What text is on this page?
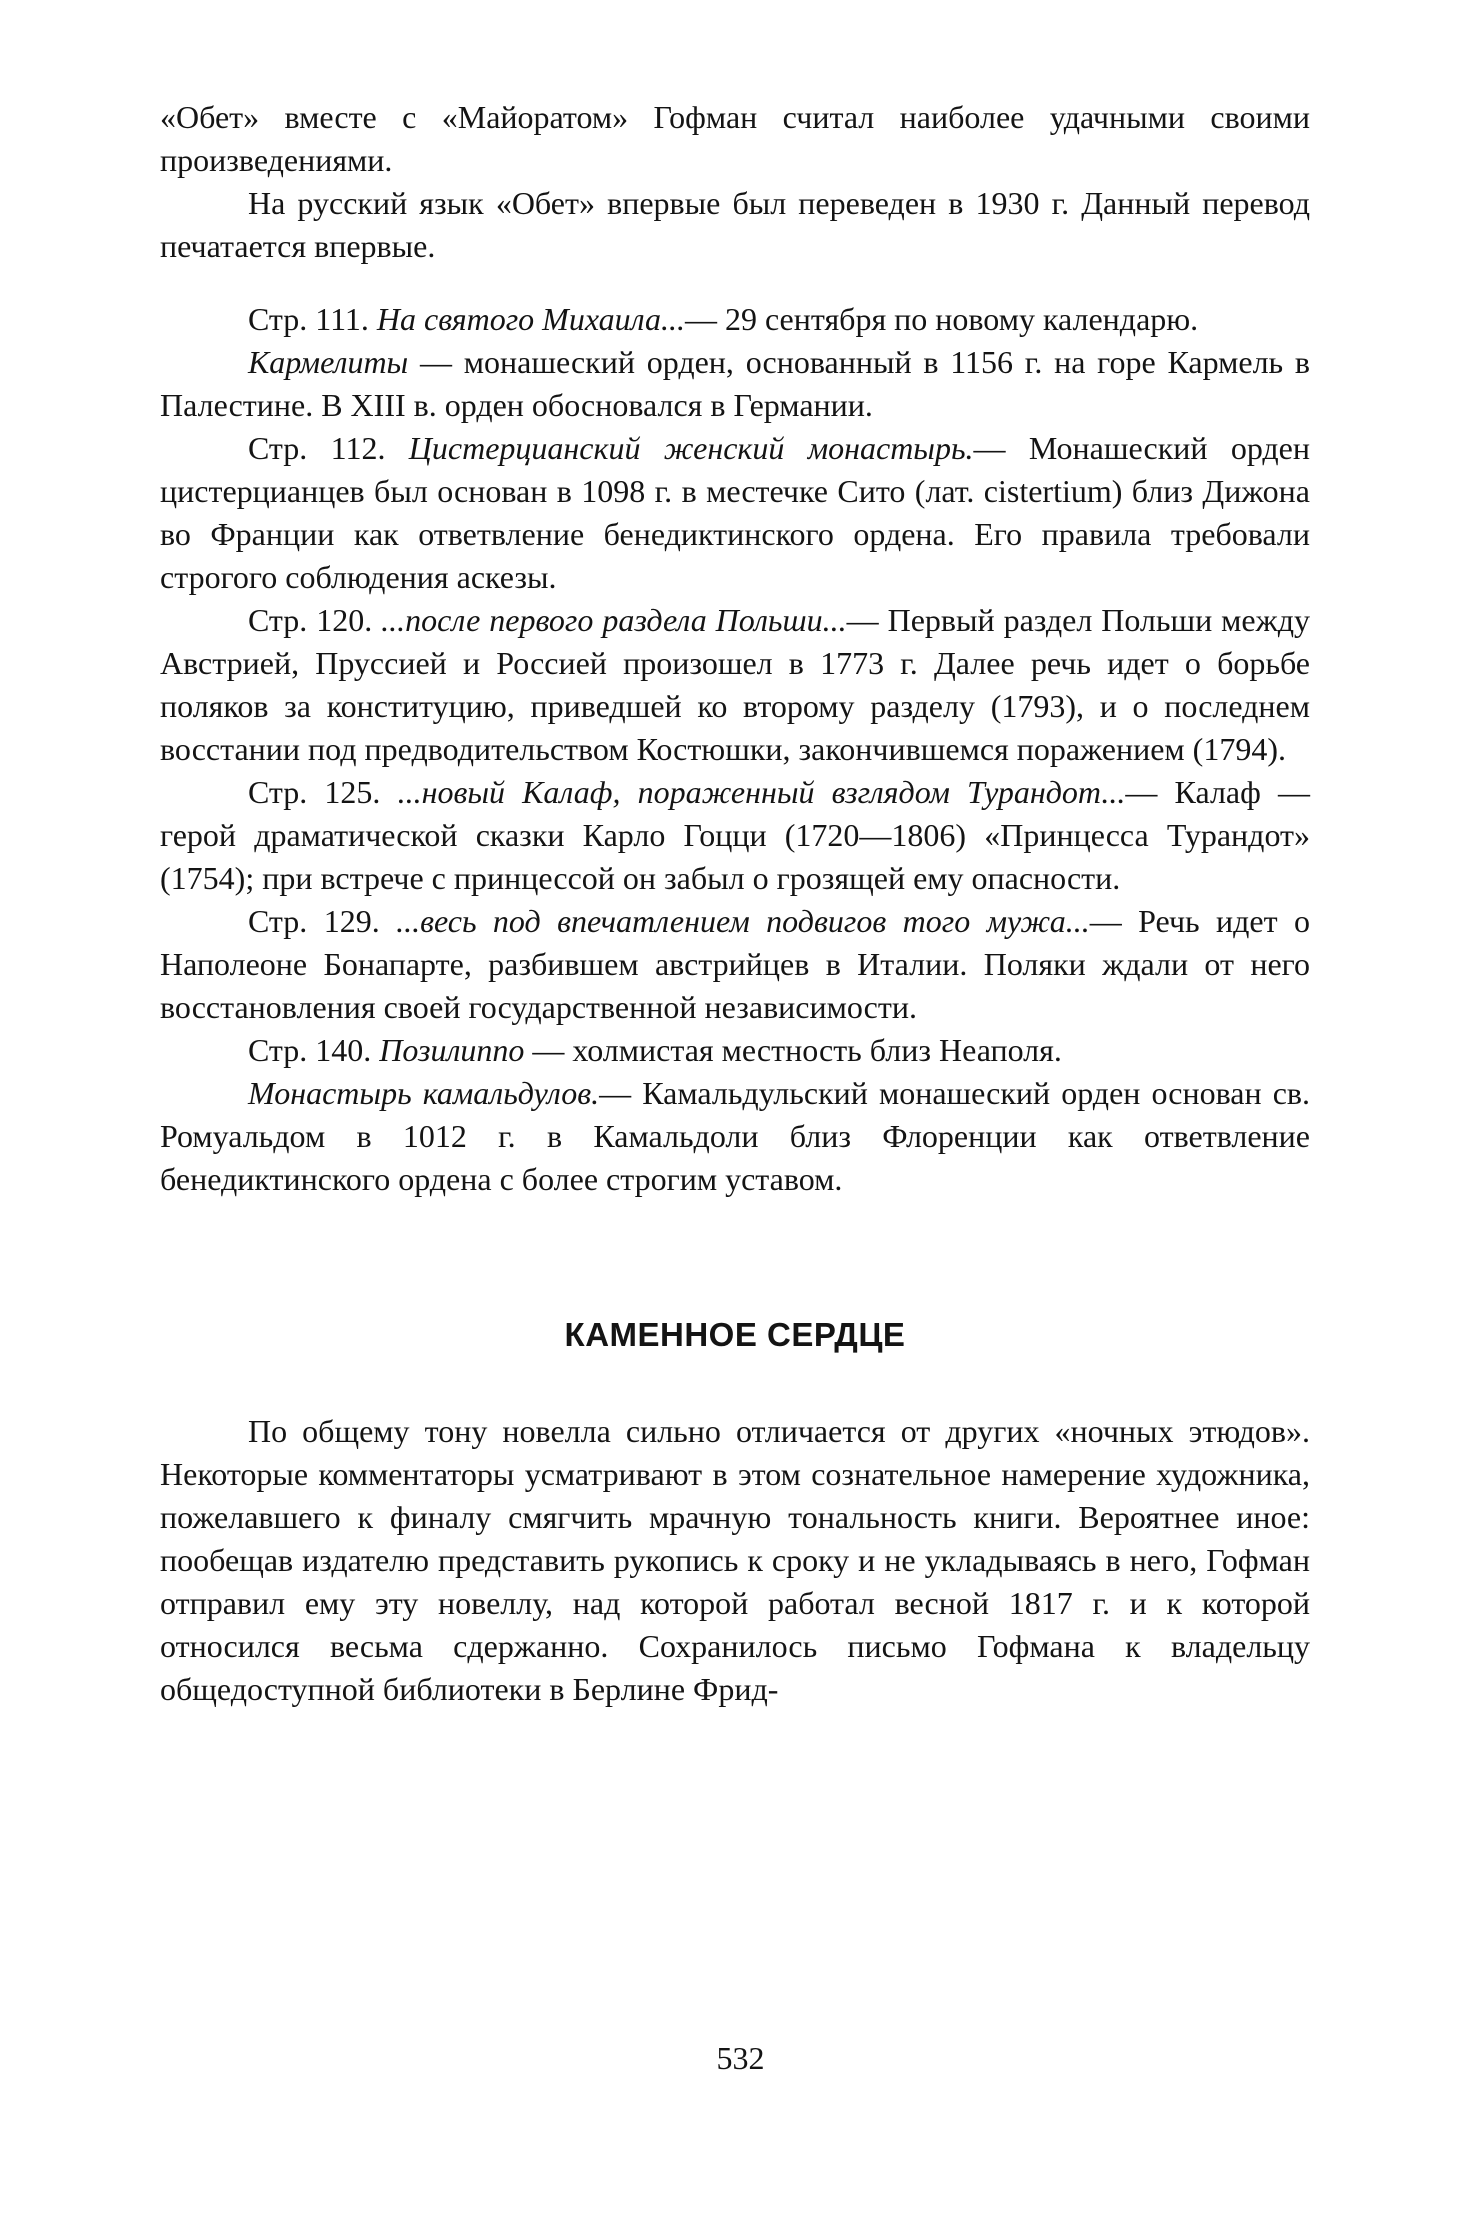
«Обет» вместе с «Майоратом» Гофман считал наиболее удачными своими произведениями.

На русский язык «Обет» впервые был переведен в 1930 г. Данный перевод печатается впервые.

Стр. 111. На святого Михаила...— 29 сентября по новому календарю.

Кармелиты — монашеский орден, основанный в 1156 г. на горе Кармель в Палестине. В XIII в. орден обосновался в Германии.

Стр. 112. Цистерцианский женский монастырь.— Монашеский орден цистерцианцев был основан в 1098 г. в местечке Сито (лат. cistertium) близ Дижона во Франции как ответвление бенедиктинского ордена. Его правила требовали строгого соблюдения аскезы.

Стр. 120. ...после первого раздела Польши...— Первый раздел Польши между Австрией, Пруссией и Россией произошел в 1773 г. Далее речь идет о борьбе поляков за конституцию, приведшей ко второму разделу (1793), и о последнем восстании под предводительством Костюшки, закончившемся поражением (1794).

Стр. 125. ...новый Калаф, пораженный взглядом Турандот...— Калаф — герой драматической сказки Карло Гоцци (1720—1806) «Принцесса Турандот» (1754); при встрече с принцессой он забыл о грозящей ему опасности.

Стр. 129. ...весь под впечатлением подвигов того мужа...— Речь идет о Наполеоне Бонапарте, разбившем австрийцев в Италии. Поляки ждали от него восстановления своей государственной независимости.

Стр. 140. Позилиппо — холмистая местность близ Неаполя.

Монастырь камальдулов.— Камальдульский монашеский орден основан св. Ромуальдом в 1012 г. в Камальдоли близ Флоренции как ответвление бенедиктинского ордена с более строгим уставом.

КАМЕННОЕ СЕРДЦЕ

По общему тону новелла сильно отличается от других «ночных этюдов». Некоторые комментаторы усматривают в этом сознательное намерение художника, пожелавшего к финалу смягчить мрачную тональность книги. Вероятнее иное: пообещав издателю представить рукопись к сроку и не укладываясь в него, Гофман отправил ему эту новеллу, над которой работал весной 1817 г. и к которой относился весьма сдержанно. Сохранилось письмо Гофмана к владельцу общедоступной библиотеки в Берлине Фрид-

532
